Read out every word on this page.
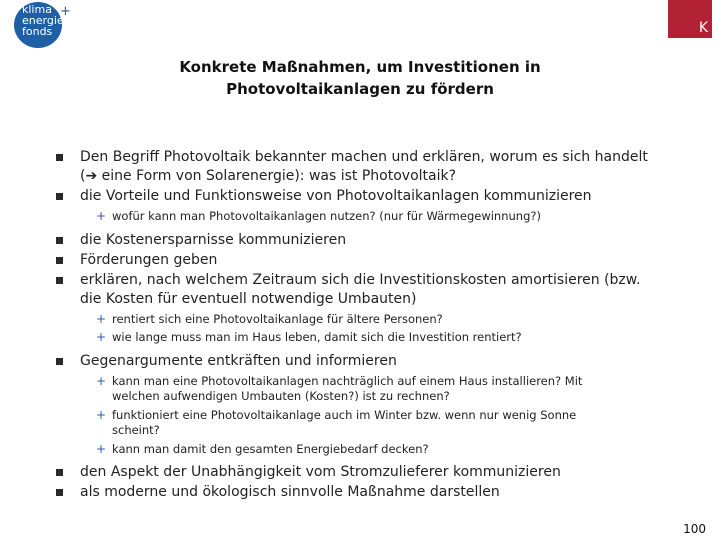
klima
energie
fonds
+
K
Konkrete Maßnahmen, um Investitionen in
Photovoltaikanlagen zu fördern
Den Begriff Photovoltaik bekannter machen und erklären, worum es sich handelt
(➔ eine Form von Solarenergie): was ist Photovoltaik?
die Vorteile und Funktionsweise von Photovoltaikanlagen kommunizieren
+ wofür kann man Photovoltaikanlagen nutzen? (nur für Wärmegewinnung?)
die Kostenersparnisse kommunizieren
Förderungen geben
erklären, nach welchem Zeitraum sich die Investitionskosten amortisieren (bzw.
die Kosten für eventuell notwendige Umbauten)
+ rentiert sich eine Photovoltaikanlage für ältere Personen?
+ wie lange muss man im Haus leben, damit sich die Investition rentiert?
Gegenargumente entkräften und informieren
+ kann man eine Photovoltaikanlagen nachträglich auf einem Haus installieren? Mit
welchen aufwendigen Umbauten (Kosten?) ist zu rechnen?
+ funktioniert eine Photovoltaikanlage auch im Winter bzw. wenn nur wenig Sonne
scheint?
+ kann man damit den gesamten Energiebedarf decken?
den Aspekt der Unabhängigkeit vom Stromzulieferer kommunizieren
als moderne und ökologisch sinnvolle Maßnahme darstellen
100
